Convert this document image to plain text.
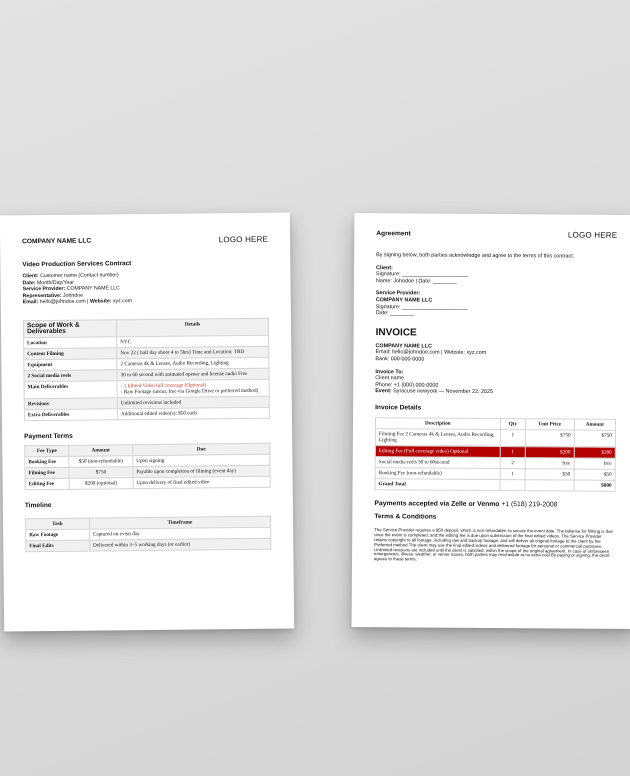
COMPANY NAME LLC	LOGO HERE
Video Production Services Contract
Client: Customer name (Contact number)
Date: Month/Day/Year
Service Provider: COMPANY NAME LLC
Representative: Johndoe
Email: hello@johndoe.com | Website: xyz.com
Scope of Work & Deliverables	Details
Location	NYC
Content Filming	Nov 22 ( half day shoot 4 to 5hrs) Time and Location: TBD
Equipment	2 Cameras 4k & Lenses, Audio Recording, Lighting
2 Social media reels	30 to 60 second with animated opener and license audio Free
Main Deliverables	- 1 Edited Video full coverage (Optional)
- Raw Footage (uncut, free via Google Drive or preferred method)

Revisions	Unlimited revisions included
Extra Deliverables	Additional edited video(s): $50 each
Payment Terms
Fee Type	Amount	Due
Booking Fee	$50 (non-refundable)	Upon signing
Filming Fee	$750	Payable upon completion of filming (event day)
Editing Fee	$200 (optional)	Upon delivery of final edited video
Timeline
Task	Timeframe
Raw Footage	Captured on event day
Final Edits	Delivered within 3–5 working days (or earlier)
Agreement	LOGO HERE
By signing below, both parties acknowledge and agree to the terms of this contract.
Client:
Signature: ______________________
Name: Johndoe | Date: ________
Service Provider:
COMPANY NAME LLC
Signature: ______________________
Date: ________
INVOICE
COMPANY NAME LLC
Email: hello@johndoe.com | Website: xyz.com
Bank: 000-000-0000
Invoice To:
Client name
Phone: +1 (000) 000-0000
Event: Syracuse newyork — November 22, 2025
Invoice Details
Description	Qty	Unit Price	Amount
Filming Fee 2 Cameras 4k & Lenses, Audio Recording, Lighting	1	$750	$750
Editing Fee (Full coverage video) Optional	1	$200	$200
Social media reels 30 to 60second	2	free	free
Booking Fee (non-refundable)	1	$50	$50
Grand Total			$800
Payments accepted via Zelle or Venmo +1 (518) 219-2008
Terms & Conditions
The Service Provider requires a $50 deposit, which is non-refundable, to secure the event date. The balance for filming is due once the event is completed, and the editing fee is due upon submission of the final edited videos. The Service Provider retains copyright to all footage, including raw and backup footage, and will deliver all original footage to the client by the Preferred method.The client may use the final edited videos and delivered footage for personal or commercial purposes. Unlimited revisions are included until the client is satisfied, within the scope of the original agreement. In case of unforeseen emergencies, illness, weather, or venue issues, both parties may reschedule at no extra cost.By paying or signing, the client agrees to these terms.
